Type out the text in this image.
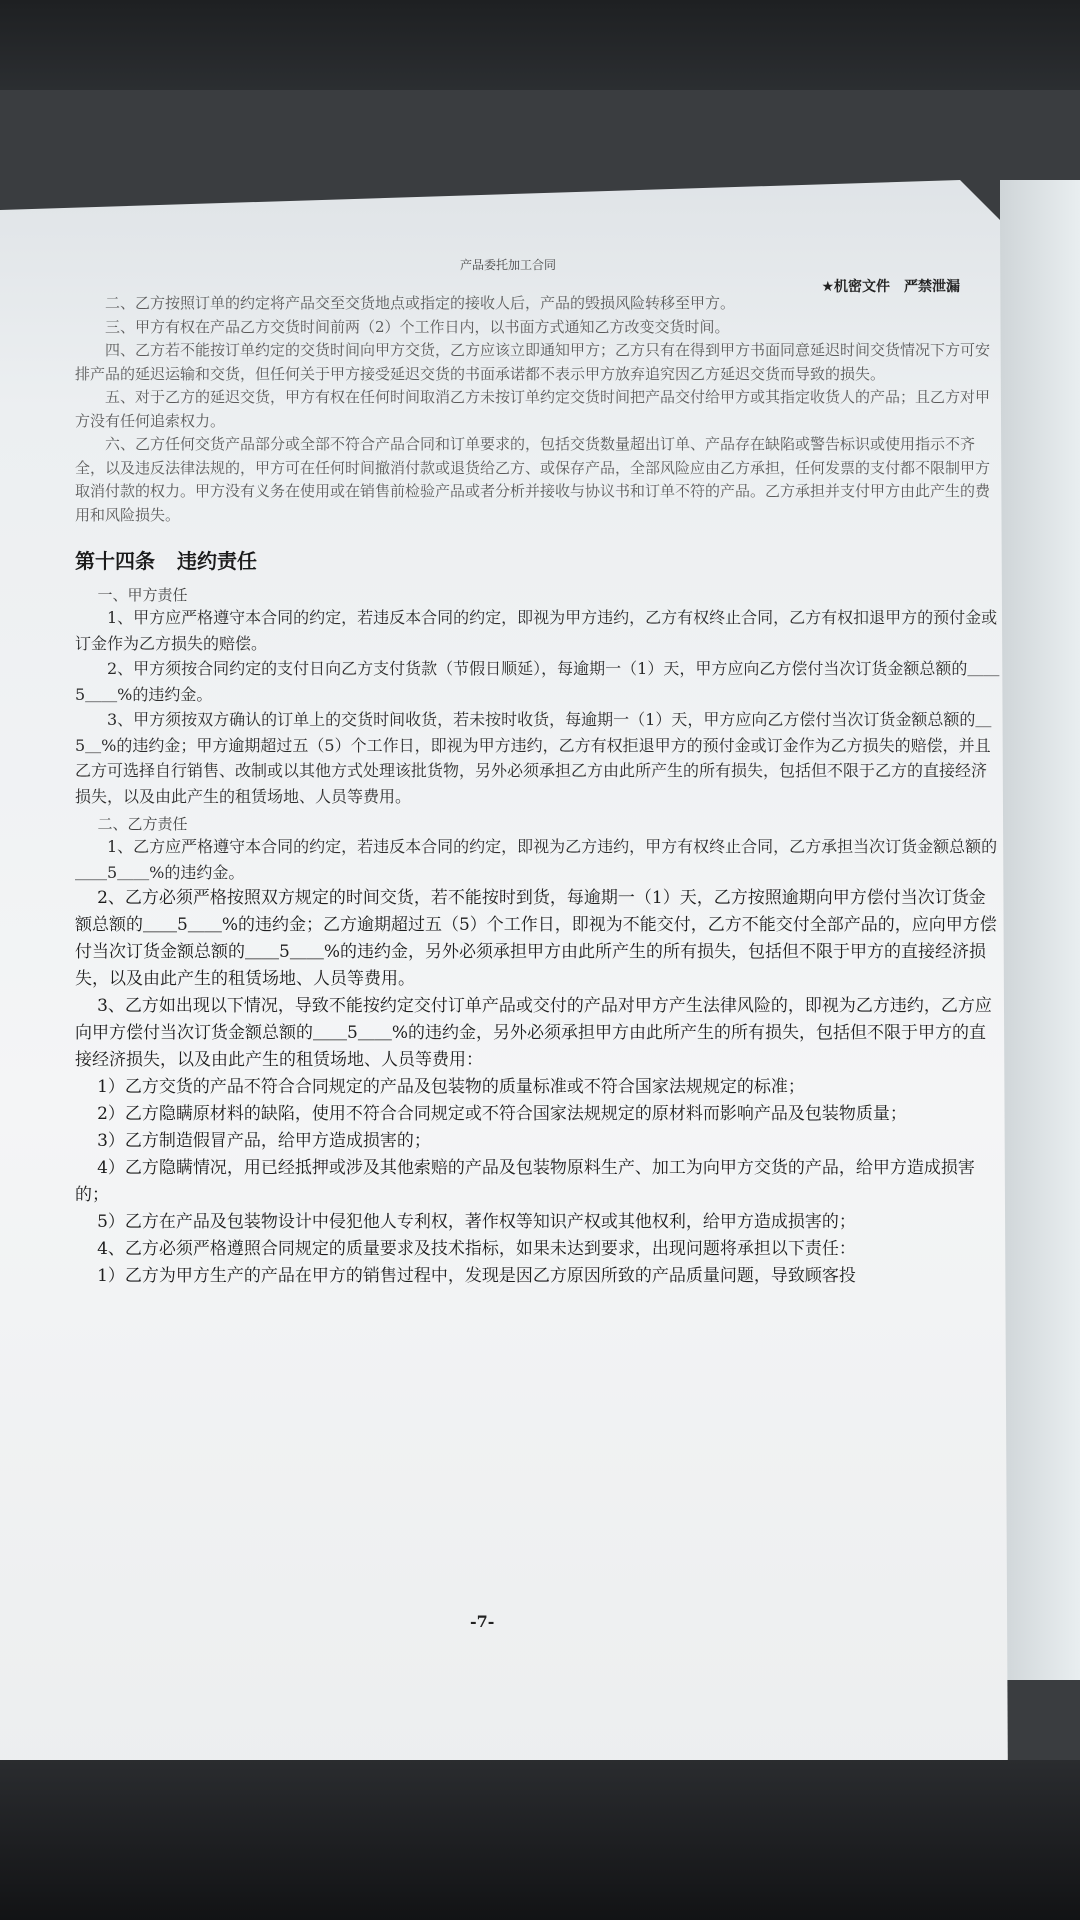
产品委托加工合同
★机密文件　严禁泄漏

二、乙方按照订单的约定将产品交至交货地点或指定的接收人后，产品的毁损风险转移至甲方。

三、甲方有权在产品乙方交货时间前两（2）个工作日内，以书面方式通知乙方改变交货时间。

四、乙方若不能按订单约定的交货时间向甲方交货，乙方应该立即通知甲方；乙方只有在得到甲方书面同意延迟时间交货情况下方可安排产品的延迟运输和交货，但任何关于甲方接受延迟交货的书面承诺都不表示甲方放弃追究因乙方延迟交货而导致的损失。

五、对于乙方的延迟交货，甲方有权在任何时间取消乙方未按订单约定交货时间把产品交付给甲方或其指定收货人的产品；且乙方对甲方没有任何追索权力。

六、乙方任何交货产品部分或全部不符合产品合同和订单要求的，包括交货数量超出订单、产品存在缺陷或警告标识或使用指示不齐全，以及违反法律法规的，甲方可在任何时间撤消付款或退货给乙方、或保存产品，全部风险应由乙方承担，任何发票的支付都不限制甲方取消付款的权力。甲方没有义务在使用或在销售前检验产品或者分析并接收与协议书和订单不符的产品。乙方承担并支付甲方由此产生的费用和风险损失。

第十四条 违约责任

一、甲方责任

1、甲方应严格遵守本合同的约定，若违反本合同的约定，即视为甲方违约，乙方有权终止合同，乙方有权扣退甲方的预付金或订金作为乙方损失的赔偿。

2、甲方须按合同约定的支付日向乙方支付货款（节假日顺延），每逾期一（1）天，甲方应向乙方偿付当次订货金额总额的＿＿5＿＿%的违约金。

3、甲方须按双方确认的订单上的交货时间收货，若未按时收货，每逾期一（1）天，甲方应向乙方偿付当次订货金额总额的＿5＿%的违约金；甲方逾期超过五（5）个工作日，即视为甲方违约，乙方有权拒退甲方的预付金或订金作为乙方损失的赔偿，并且乙方可选择自行销售、改制或以其他方式处理该批货物，另外必须承担乙方由此所产生的所有损失，包括但不限于乙方的直接经济损失，以及由此产生的租赁场地、人员等费用。

二、乙方责任

1、乙方应严格遵守本合同的约定，若违反本合同的约定，即视为乙方违约，甲方有权终止合同，乙方承担当次订货金额总额的＿＿5＿＿%的违约金。

2、乙方必须严格按照双方规定的时间交货，若不能按时到货，每逾期一（1）天，乙方按照逾期向甲方偿付当次订货金额总额的＿＿5＿＿%的违约金；乙方逾期超过五（5）个工作日，即视为不能交付，乙方不能交付全部产品的，应向甲方偿付当次订货金额总额的＿＿5＿＿%的违约金，另外必须承担甲方由此所产生的所有损失，包括但不限于甲方的直接经济损失，以及由此产生的租赁场地、人员等费用。

3、乙方如出现以下情况，导致不能按约定交付订单产品或交付的产品对甲方产生法律风险的，即视为乙方违约，乙方应向甲方偿付当次订货金额总额的＿＿5＿＿%的违约金，另外必须承担甲方由此所产生的所有损失，包括但不限于甲方的直接经济损失，以及由此产生的租赁场地、人员等费用：

1）乙方交货的产品不符合合同规定的产品及包装物的质量标准或不符合国家法规规定的标准；

2）乙方隐瞒原材料的缺陷，使用不符合合同规定或不符合国家法规规定的原材料而影响产品及包装物质量；

3）乙方制造假冒产品，给甲方造成损害的；

4）乙方隐瞒情况，用已经抵押或涉及其他索赔的产品及包装物原料生产、加工为向甲方交货的产品，给甲方造成损害的；

5）乙方在产品及包装物设计中侵犯他人专利权，著作权等知识产权或其他权利，给甲方造成损害的；

4、乙方必须严格遵照合同规定的质量要求及技术指标，如果未达到要求，出现问题将承担以下责任：

1）乙方为甲方生产的产品在甲方的销售过程中，发现是因乙方原因所致的产品质量问题，导致顾客投

-7-
